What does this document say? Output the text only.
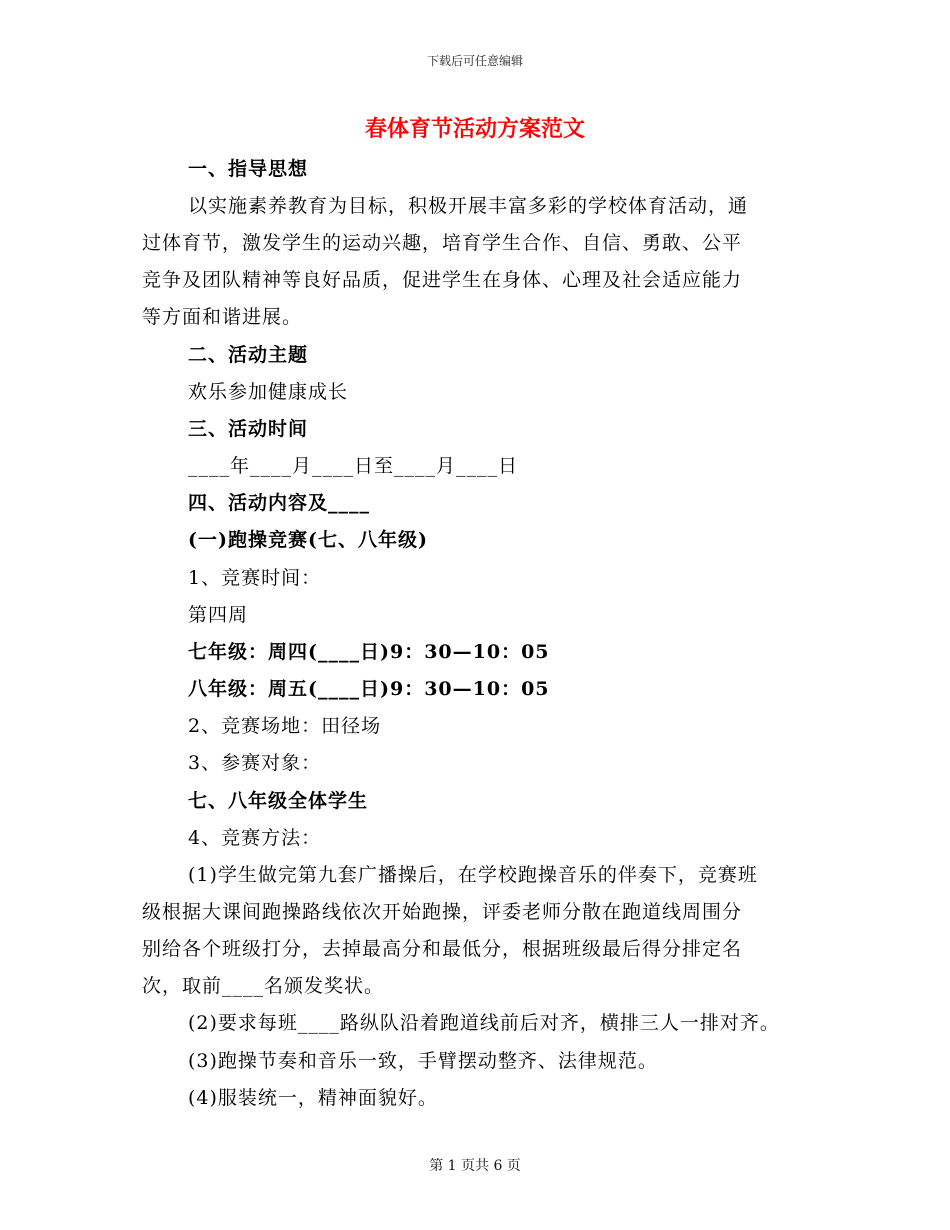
下载后可任意编辑
春体育节活动方案范文
一、指导思想
以实施素养教育为目标，积极开展丰富多彩的学校体育活动，通
过体育节，激发学生的运动兴趣，培育学生合作、自信、勇敢、公平
竞争及团队精神等良好品质，促进学生在身体、心理及社会适应能力
等方面和谐进展。
二、活动主题
欢乐参加健康成长
三、活动时间
____年____月____日至____月____日
四、活动内容及____
(一)跑操竞赛(七、八年级)
1、竞赛时间：
第四周
七年级：周四(____日)9：30—10：05
八年级：周五(____日)9：30—10：05
2、竞赛场地：田径场
3、参赛对象：
七、八年级全体学生
4、竞赛方法：
(1)学生做完第九套广播操后，在学校跑操音乐的伴奏下，竞赛班
级根据大课间跑操路线依次开始跑操，评委老师分散在跑道线周围分
别给各个班级打分，去掉最高分和最低分，根据班级最后得分排定名
次，取前____名颁发奖状。
(2)要求每班____路纵队沿着跑道线前后对齐，横排三人一排对齐。
(3)跑操节奏和音乐一致，手臂摆动整齐、法律规范。
(4)服装统一，精神面貌好。
第 1 页共 6 页
